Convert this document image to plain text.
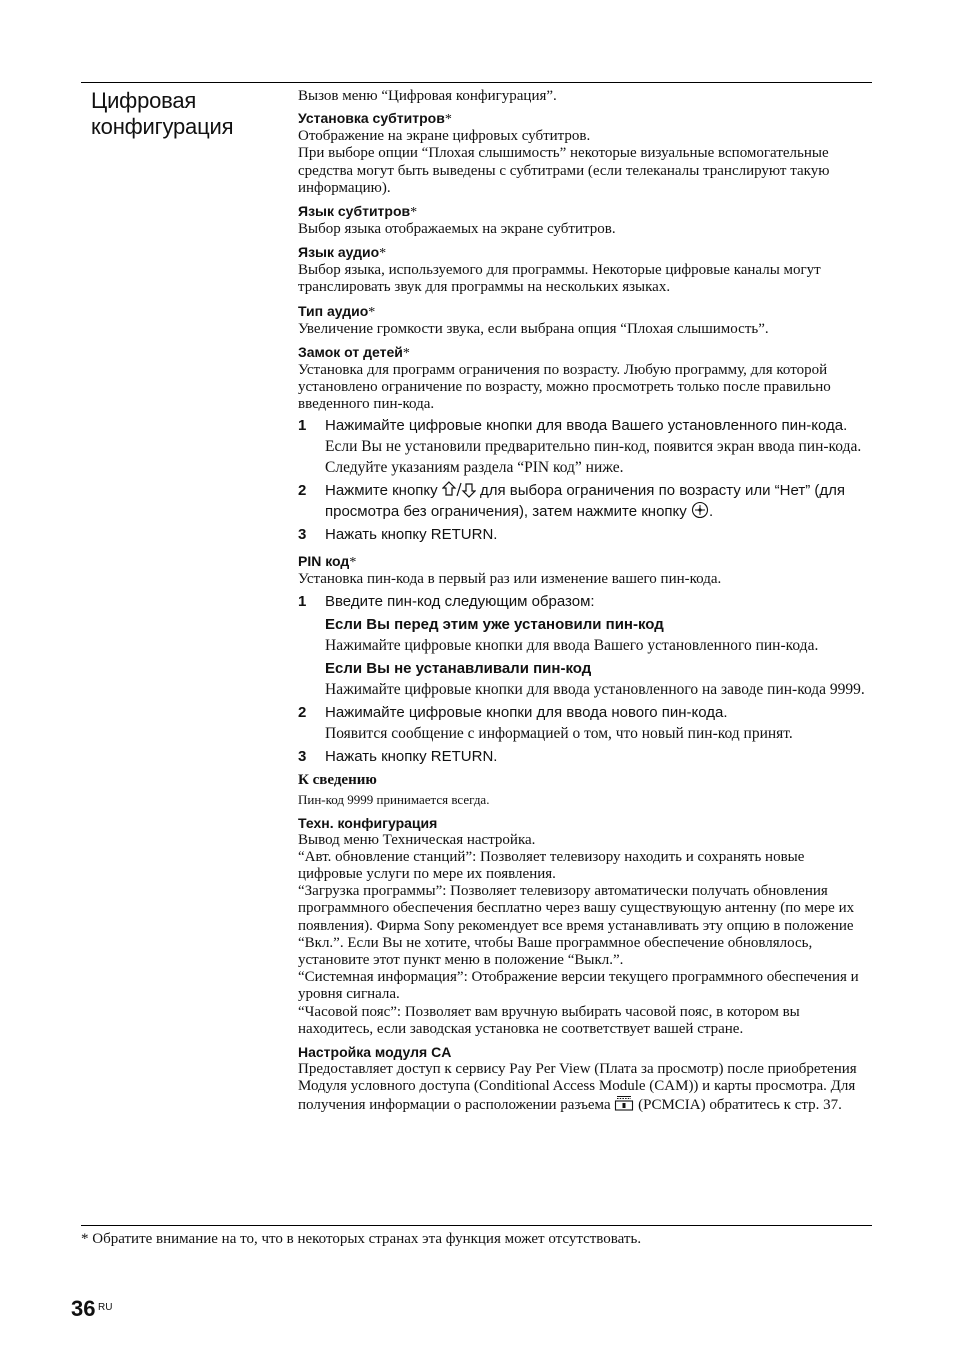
Цифровая конфигурация
Вызов меню “Цифровая конфигурация”.
Установка субтитров*
Отображение на экране цифровых субтитров.
При выборе опции “Плохая слышимость” некоторые визуальные вспомогательные средства могут быть выведены с субтитрами (если телеканалы транслируют такую информацию).
Язык субтитров*
Выбор языка отображаемых на экране субтитров.
Язык аудио*
Выбор языка, используемого для программы. Некоторые цифровые каналы могут транслировать звук для программы на нескольких языках.
Тип аудио*
Увеличение громкости звука, если выбрана опция “Плохая слышимость”.
Замок от детей*
Установка для программ ограничения по возрасту. Любую программу, для которой установлено ограничение по возрасту, можно просмотреть только после правильно введенного пин-кода.
1	Нажимайте цифровые кнопки для ввода Вашего установленного пин-кода.
Если Вы не установили предварительно пин-код, появится экран ввода пин-кода. Следуйте указаниям раздела “PIN код” ниже.
2	Нажмите кнопку  для выбора ограничения по возрасту или “Нет” (для просмотра без ограничения), затем нажмите кнопку .
3	Нажать кнопку RETURN.
PIN код*
Установка пин-кода в первый раз или изменение вашего пин-кода.
1	Введите пин-код следующим образом:
Если Вы перед этим уже установили пин-код
Нажимайте цифровые кнопки для ввода Вашего установленного пин-кода.
Если Вы не устанавливали пин-код
Нажимайте цифровые кнопки для ввода установленного на заводе пин-кода 9999.
2	Нажимайте цифровые кнопки для ввода нового пин-кода.
Появится сообщение с информацией о том, что новый пин-код принят.
3	Нажать кнопку RETURN.
К сведению
Пин-код 9999 принимается всегда.
Техн. конфигурация
Вывод меню Техническая настройка.
“Авт. обновление станций”: Позволяет телевизору находить и сохранять новые цифровые услуги по мере их появления.
“Загрузка программы”: Позволяет телевизору автоматически получать обновления программного обеспечения бесплатно через вашу существующую антенну (по мере их появления). Фирма Sony рекомендует все время устанавливать эту опцию в положение “Вкл.”. Если Вы не хотите, чтобы Ваше программное обеспечение обновлялось, установите этот пункт меню в положение “Выкл.”.
“Системная информация”: Отображение версии текущего программного обеспечения и уровня сигнала.
“Часовой пояс”: Позволяет вам вручную выбирать часовой пояс, в котором вы находитесь, если заводская установка не соответствует вашей стране.
Настройка модуля CA
Предоставляет доступ к сервису Pay Per View (Плата за просмотр) после приобретения Модуля условного доступа (Conditional Access Module (CAM)) и карты просмотра. Для получения информации о расположении разъема  (PCMCIA) обратитесь к стр. 37.
* Обратите внимание на то, что в некоторых странах эта функция может отсутствовать.
36 RU
